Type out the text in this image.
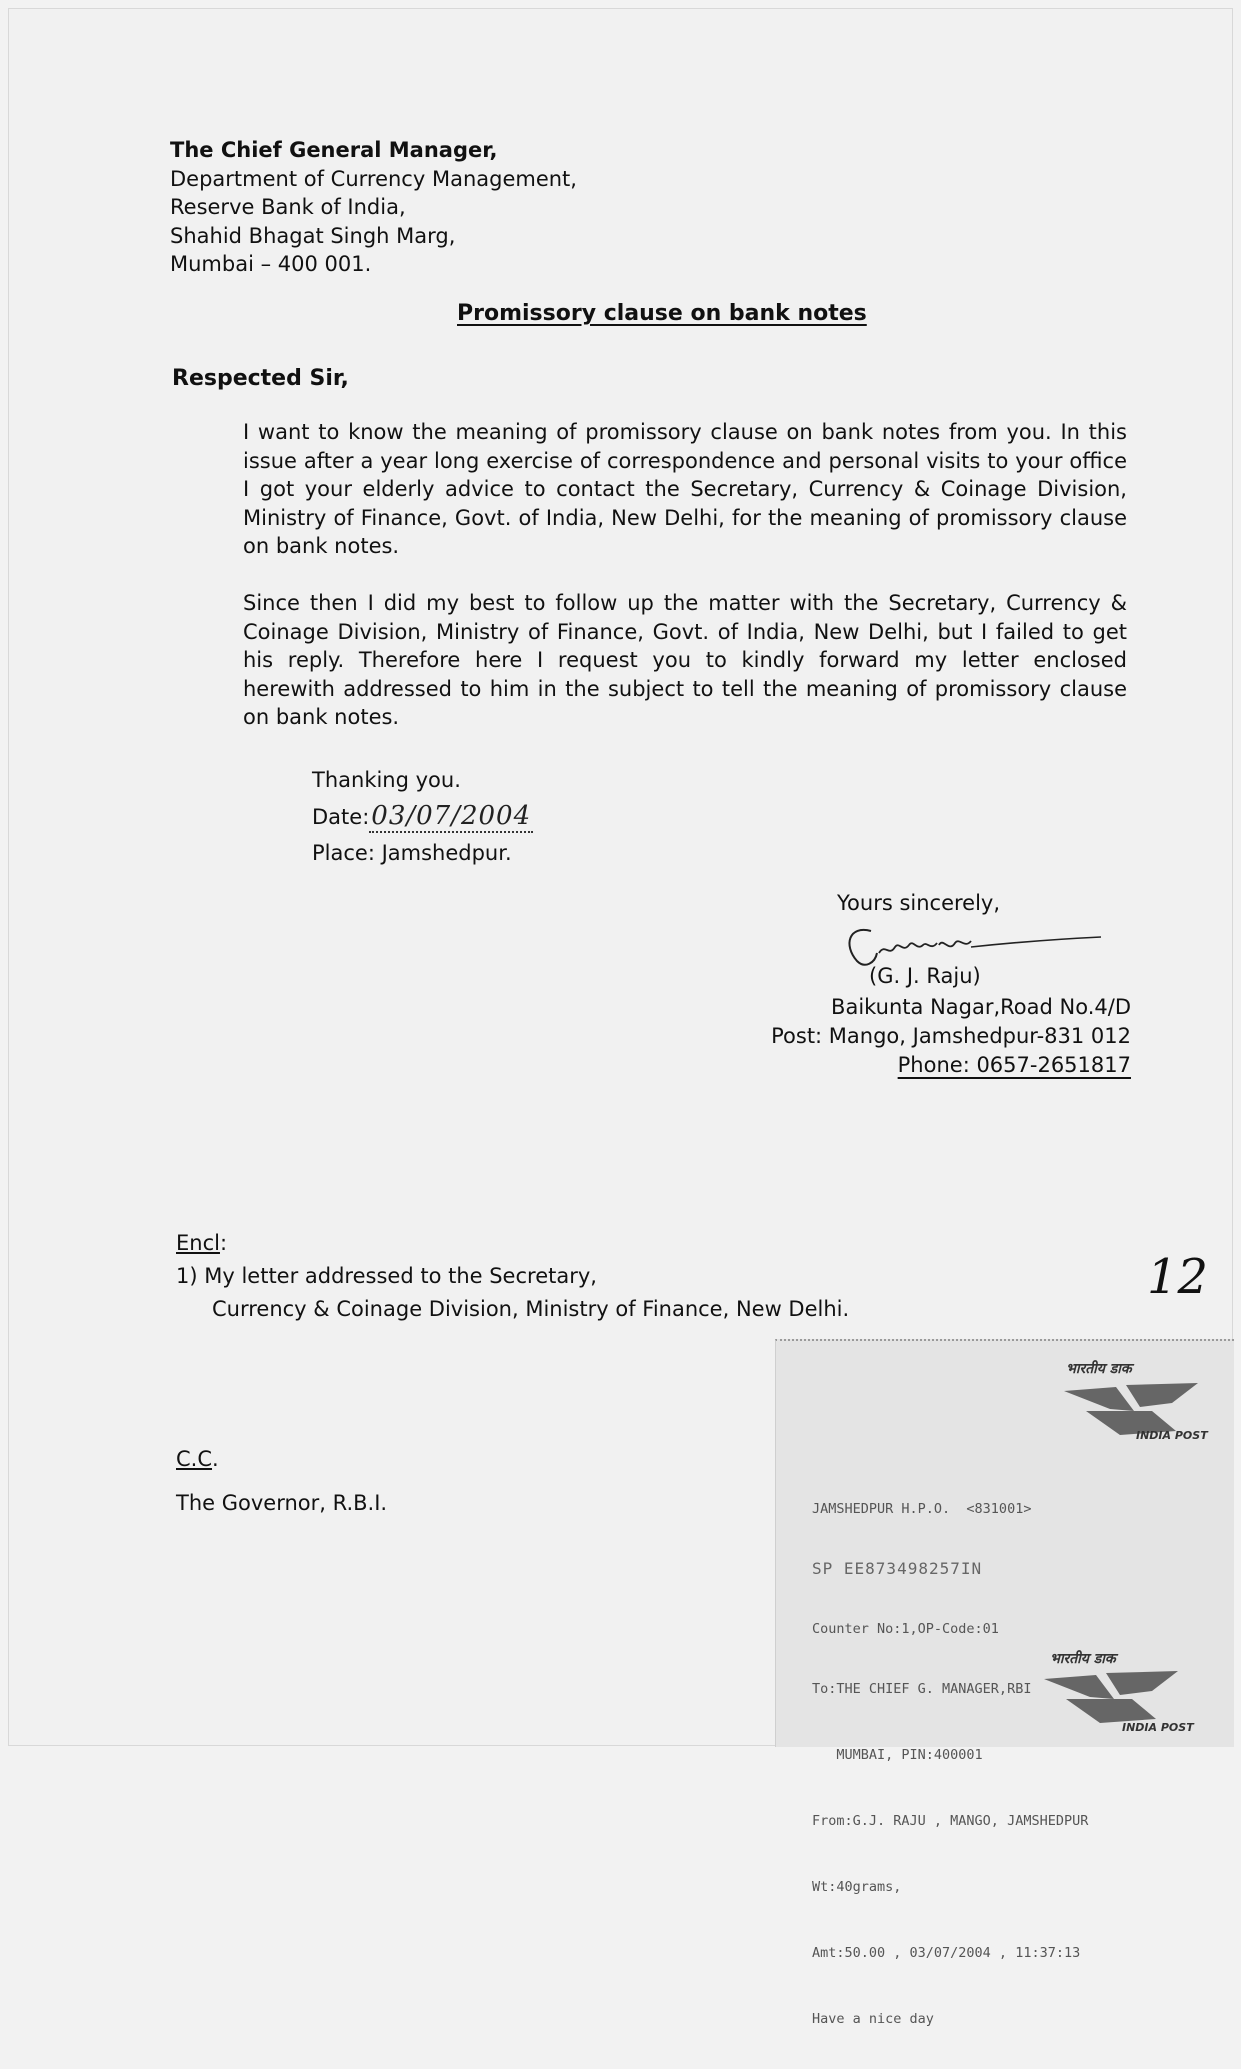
The Chief General Manager,
Department of Currency Management,
Reserve Bank of India,
Shahid Bhagat Singh Marg,
Mumbai – 400 001.
Promissory clause on bank notes
Respected Sir,
I want to know the meaning of promissory clause on bank notes from you. In this issue after a year long exercise of correspondence and personal visits to your office I got your elderly advice to contact the Secretary, Currency & Coinage Division, Ministry of Finance, Govt. of India, New Delhi, for the meaning of promissory clause on bank notes.
Since then I did my best to follow up the matter with the Secretary, Currency & Coinage Division, Ministry of Finance, Govt. of India, New Delhi, but I failed to get his reply. Therefore here I request you to kindly forward my letter enclosed herewith addressed to him in the subject to tell the meaning of promissory clause on bank notes.
Thanking you.
Date:03/07/2004
Place: Jamshedpur.
Yours sincerely,
(G. J. Raju)
Baikunta Nagar,Road No.4/D
Post: Mango, Jamshedpur-831 012
Phone: 0657-2651817
Encl:
1) My letter addressed to the Secretary,
Currency & Coinage Division, Ministry of Finance, New Delhi.
12
C.C.
The Governor, R.B.I.
भारतीय डाक
INDIA POST

JAMSHEDPUR H.P.O.  <831001>

SP EE873498257IN

Counter No:1,OP-Code:01

To:THE CHIEF G. MANAGER,RBI

MUMBAI, PIN:400001

From:G.J. RAJU , MANGO, JAMSHEDPUR

Wt:40grams,

Amt:50.00 , 03/07/2004 , 11:37:13

Have a nice day

भारतीय डाक
INDIA POST
